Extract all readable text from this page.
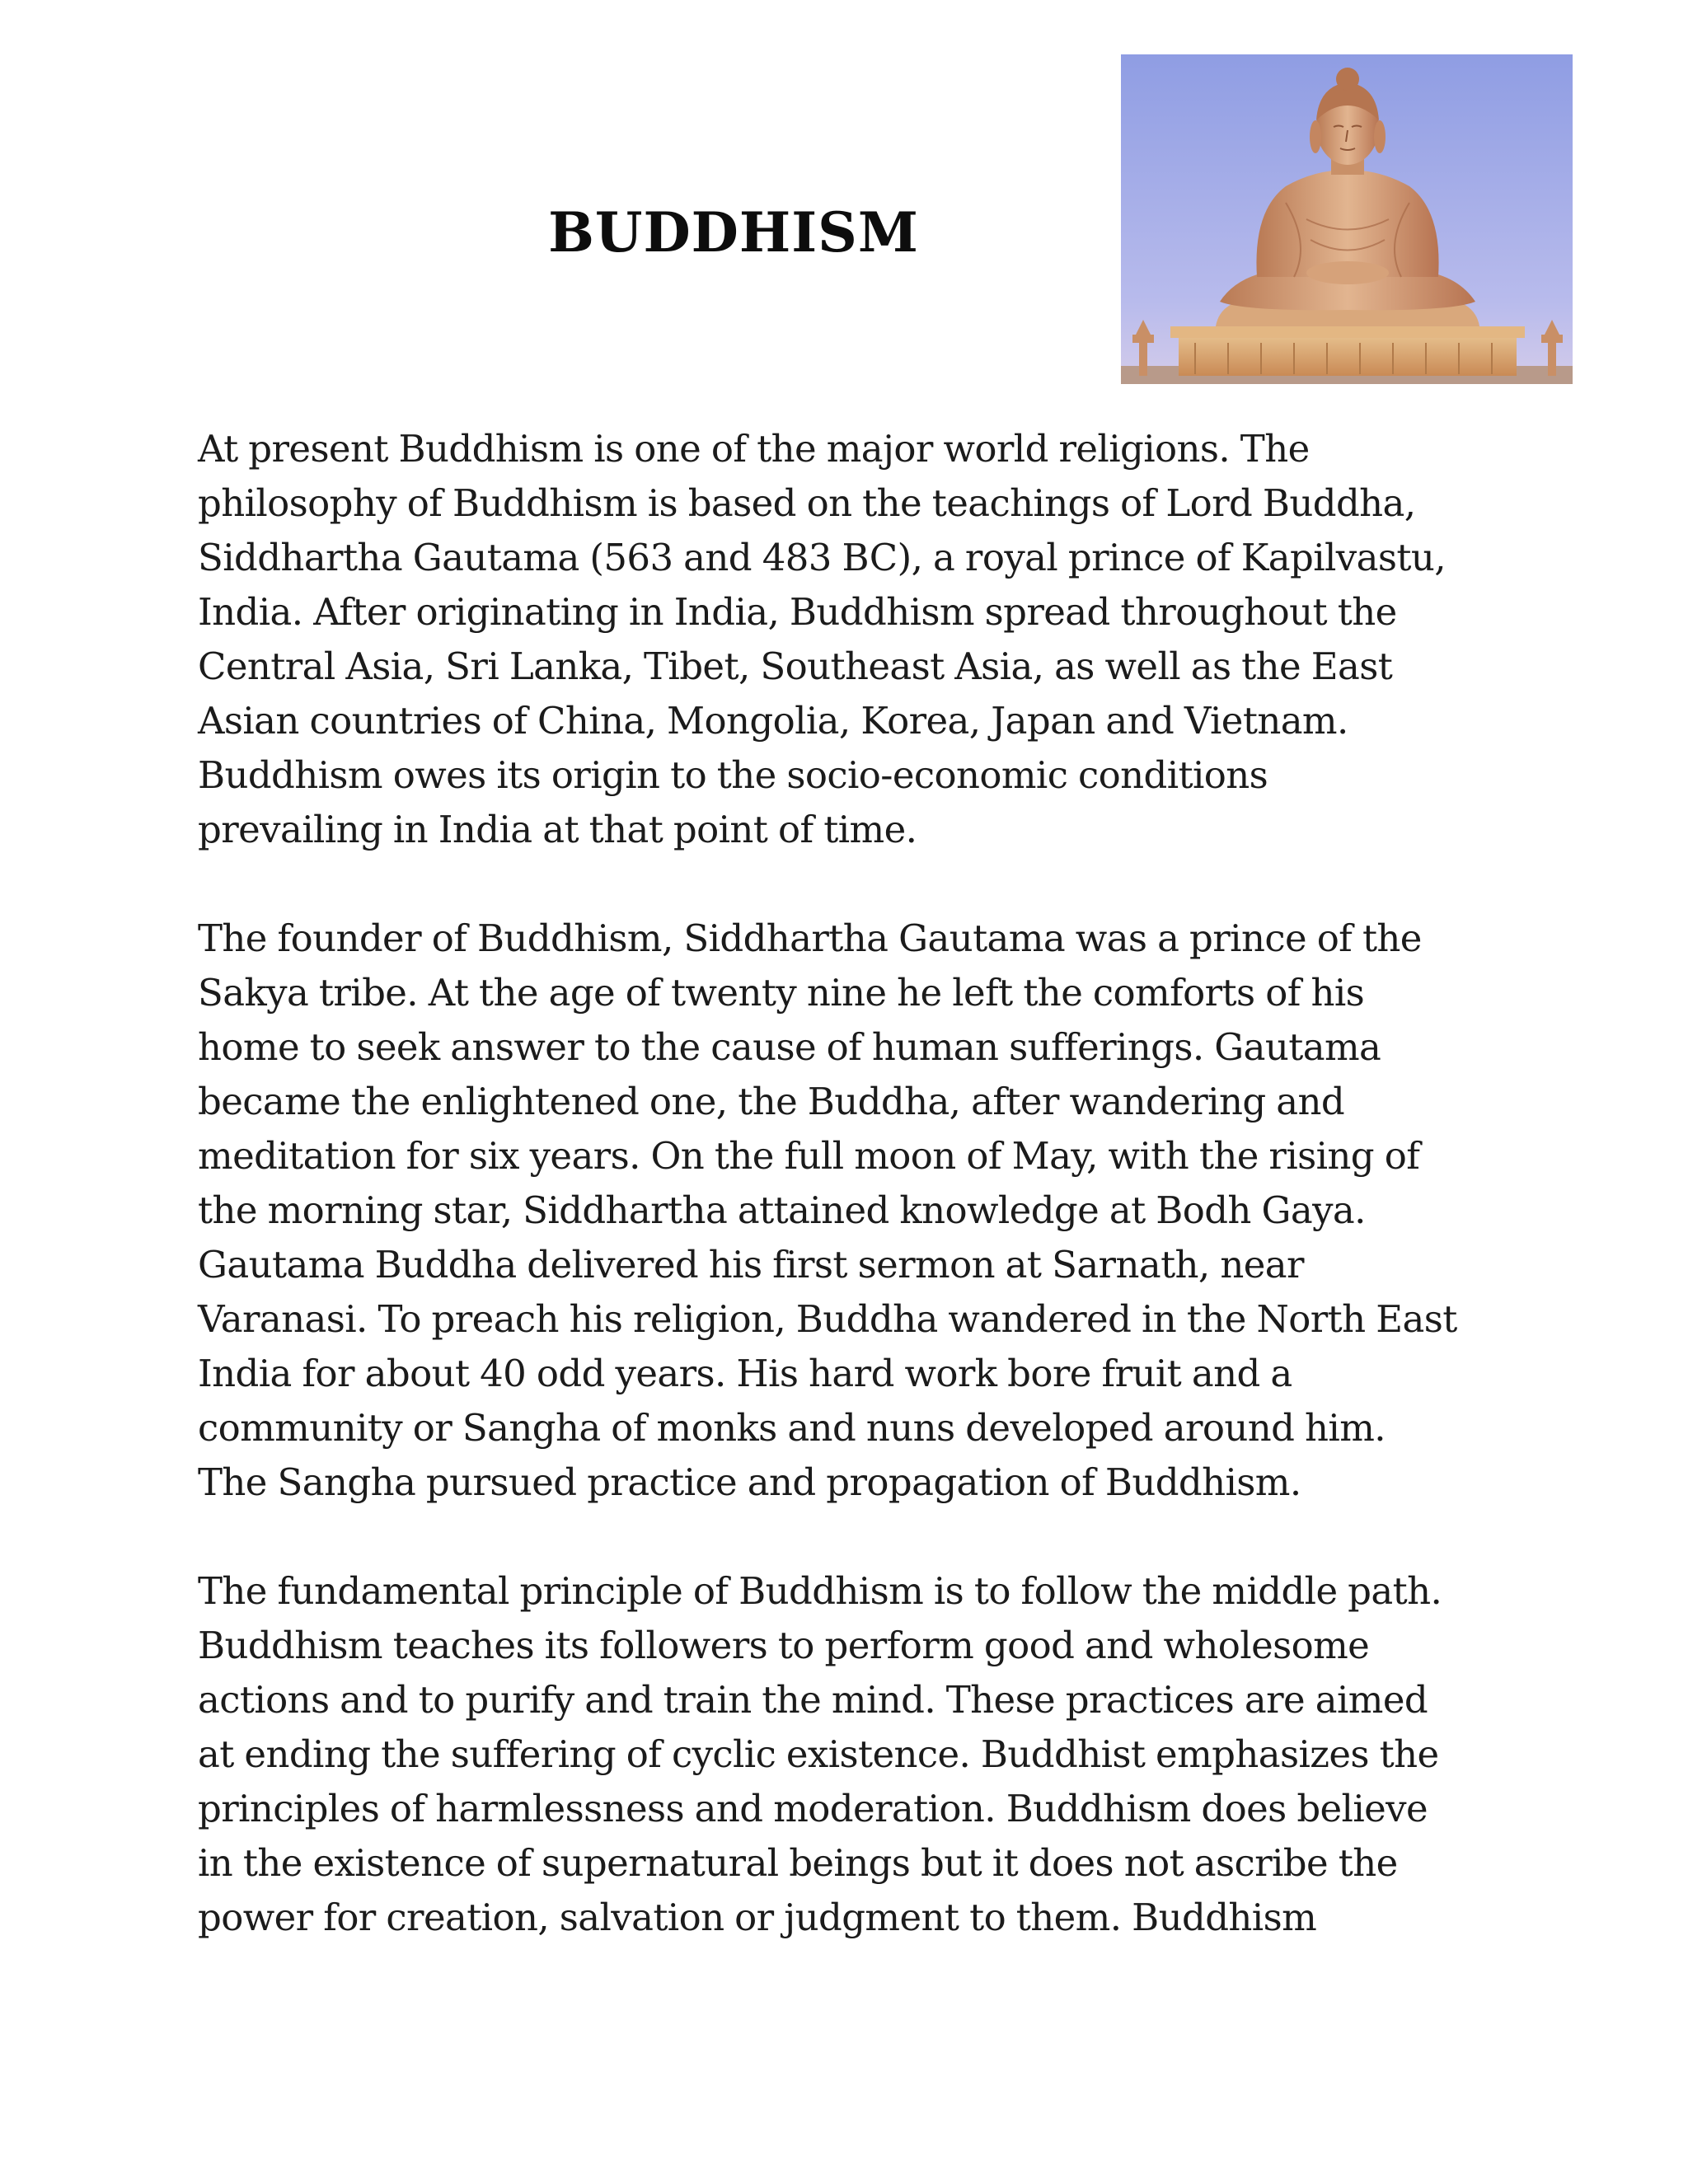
BUDDHISM

At present Buddhism is one of the major world religions. The
philosophy of Buddhism is based on the teachings of Lord Buddha,
Siddhartha Gautama (563 and 483 BC), a royal prince of Kapilvastu,
India. After originating in India, Buddhism spread throughout the
Central Asia, Sri Lanka, Tibet, Southeast Asia, as well as the East
Asian countries of China, Mongolia, Korea, Japan and Vietnam.
Buddhism owes its origin to the socio-economic conditions
prevailing in India at that point of time.

The founder of Buddhism, Siddhartha Gautama was a prince of the
Sakya tribe. At the age of twenty nine he left the comforts of his
home to seek answer to the cause of human sufferings. Gautama
became the enlightened one, the Buddha, after wandering and
meditation for six years. On the full moon of May, with the rising of
the morning star, Siddhartha attained knowledge at Bodh Gaya.
Gautama Buddha delivered his first sermon at Sarnath, near
Varanasi. To preach his religion, Buddha wandered in the North East
India for about 40 odd years. His hard work bore fruit and a
community or Sangha of monks and nuns developed around him.
The Sangha pursued practice and propagation of Buddhism.

The fundamental principle of Buddhism is to follow the middle path.
Buddhism teaches its followers to perform good and wholesome
actions and to purify and train the mind. These practices are aimed
at ending the suffering of cyclic existence. Buddhist emphasizes the
principles of harmlessness and moderation. Buddhism does believe
in the existence of supernatural beings but it does not ascribe the
power for creation, salvation or judgment to them. Buddhism
